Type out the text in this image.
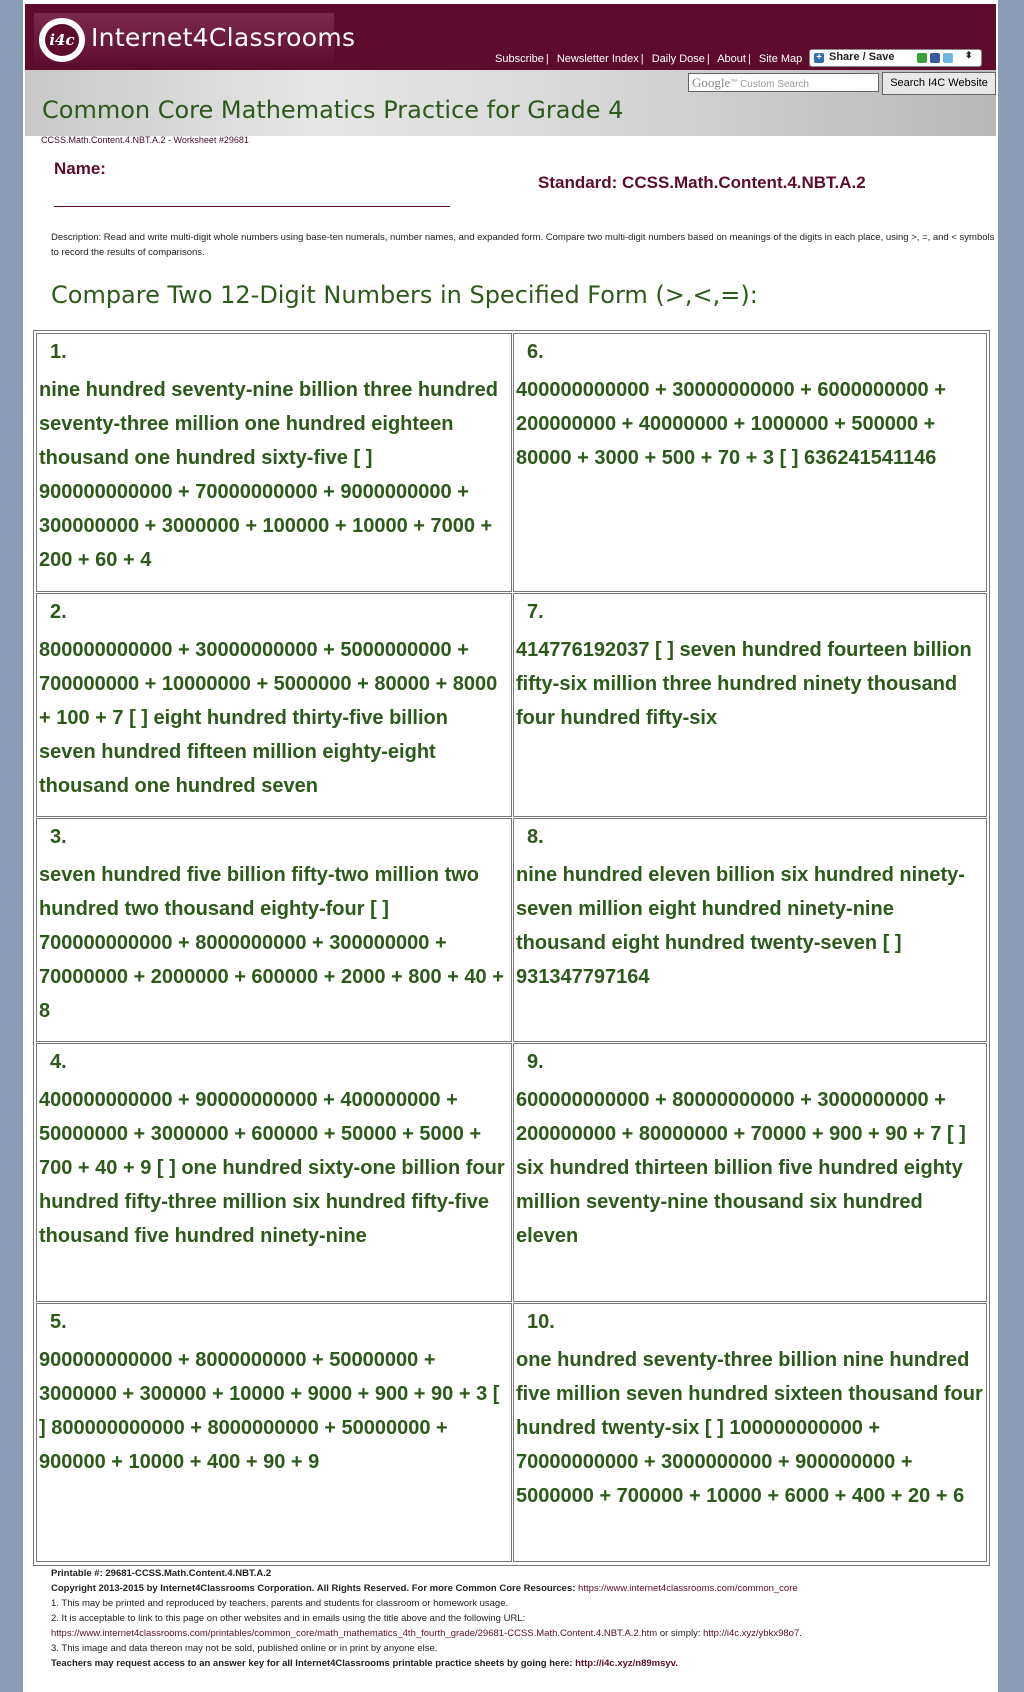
i4c Internet4Classrooms
Subscribe | Newsletter Index | Daily Dose | About | Site Map + Share / Save	⬍
Common Core Mathematics Practice for Grade 4
Google™ Custom Search	Search I4C Website
CCSS.Math.Content.4.NBT.A.2 - Worksheet #29681
Name:
Standard: CCSS.Math.Content.4.NBT.A.2
Description: Read and write multi-digit whole numbers using base-ten numerals, number names, and expanded form. Compare two multi-digit numbers based on meanings of the digits in each place, using >, =, and < symbols to record the results of comparisons.
Compare Two 12-Digit Numbers in Specified Form (>,<,=):
1.
nine hundred seventy-nine billion three hundred seventy-three million one hundred eighteen thousand one hundred sixty-five [ ] 900000000000 + 70000000000 + 9000000000 + 300000000 + 3000000 + 100000 + 10000 + 7000 + 200 + 60 + 4
6.
400000000000 + 30000000000 + 6000000000 + 200000000 + 40000000 + 1000000 + 500000 + 80000 + 3000 + 500 + 70 + 3 [ ] 636241541146
2.
800000000000 + 30000000000 + 5000000000 + 700000000 + 10000000 + 5000000 + 80000 + 8000 + 100 + 7 [ ] eight hundred thirty-five billion seven hundred fifteen million eighty-eight thousand one hundred seven
7.
414776192037 [ ] seven hundred fourteen billion fifty-six million three hundred ninety thousand four hundred fifty-six
3.
seven hundred five billion fifty-two million two hundred two thousand eighty-four [ ] 700000000000 + 8000000000 + 300000000 + 70000000 + 2000000 + 600000 + 2000 + 800 + 40 + 8
8.
nine hundred eleven billion six hundred ninety-seven million eight hundred ninety-nine thousand eight hundred twenty-seven [ ] 931347797164
4.
400000000000 + 90000000000 + 400000000 + 50000000 + 3000000 + 600000 + 50000 + 5000 + 700 + 40 + 9 [ ] one hundred sixty-one billion four hundred fifty-three million six hundred fifty-five thousand five hundred ninety-nine
9.
600000000000 + 80000000000 + 3000000000 + 200000000 + 80000000 + 70000 + 900 + 90 + 7 [ ] six hundred thirteen billion five hundred eighty million seventy-nine thousand six hundred eleven
5.
900000000000 + 8000000000 + 50000000 + 3000000 + 300000 + 10000 + 9000 + 900 + 90 + 3 [ ] 800000000000 + 8000000000 + 50000000 + 900000 + 10000 + 400 + 90 + 9
10.
one hundred seventy-three billion nine hundred five million seven hundred sixteen thousand four hundred twenty-six [ ] 100000000000 + 70000000000 + 3000000000 + 900000000 + 5000000 + 700000 + 10000 + 6000 + 400 + 20 + 6
Printable #: 29681-CCSS.Math.Content.4.NBT.A.2
Copyright 2013-2015 by Internet4Classrooms Corporation. All Rights Reserved. For more Common Core Resources: https://www.internet4classrooms.com/common_core
1. This may be printed and reproduced by teachers, parents and students for classroom or homework usage.
2. It is acceptable to link to this page on other websites and in emails using the title above and the following URL:
https://www.internet4classrooms.com/printables/common_core/math_mathematics_4th_fourth_grade/29681-CCSS.Math.Content.4.NBT.A.2.htm or simply: http://i4c.xyz/ybkx98o7.
3. This image and data thereon may not be sold, published online or in print by anyone else.
Teachers may request access to an answer key for all Internet4Classrooms printable practice sheets by going here: http://i4c.xyz/n89msyv.
